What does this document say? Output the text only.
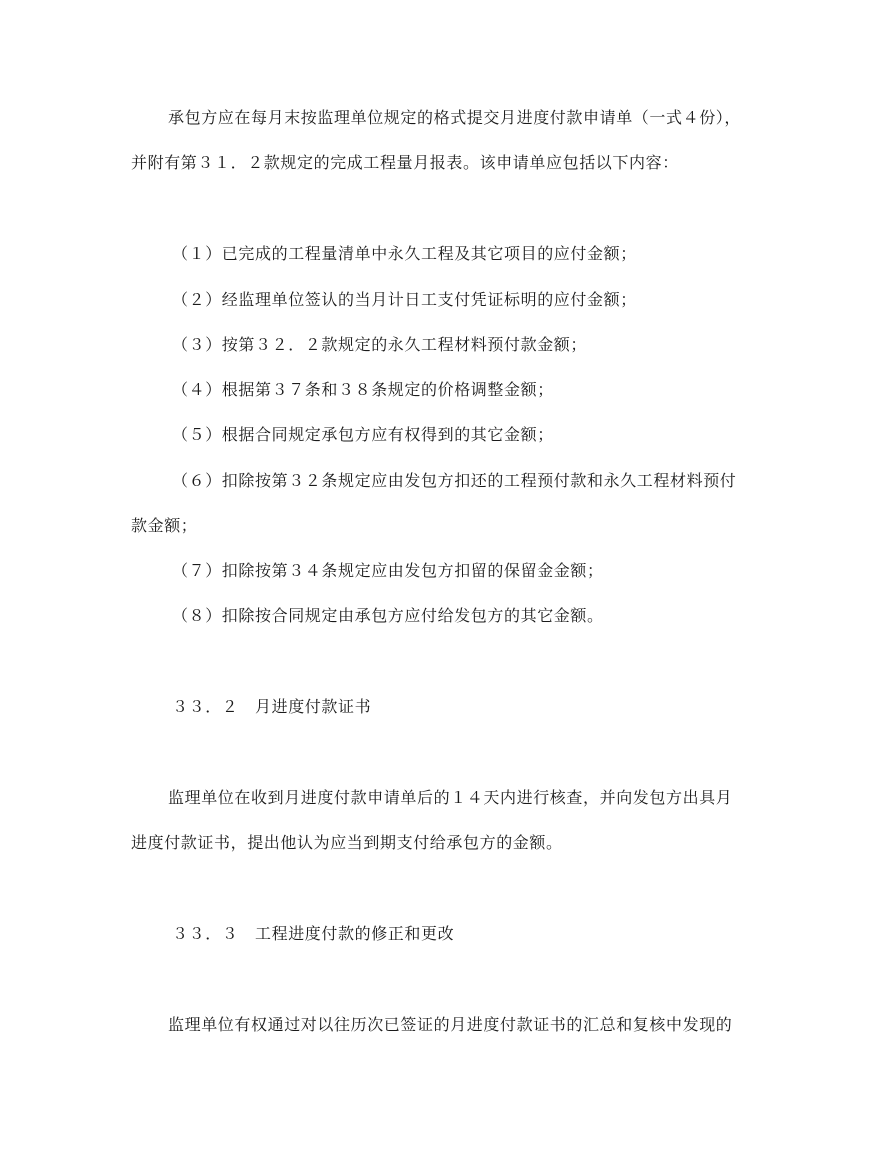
承包方应在每月末按监理单位规定的格式提交月进度付款申请单（一式４份），
并附有第３１．２款规定的完成工程量月报表。该申请单应包括以下内容：
（１）已完成的工程量清单中永久工程及其它项目的应付金额；
（２）经监理单位签认的当月计日工支付凭证标明的应付金额；
（３）按第３２．２款规定的永久工程材料预付款金额；
（４）根据第３７条和３８条规定的价格调整金额；
（５）根据合同规定承包方应有权得到的其它金额；
（６）扣除按第３２条规定应由发包方扣还的工程预付款和永久工程材料预付
款金额；
（７）扣除按第３４条规定应由发包方扣留的保留金金额；
（８）扣除按合同规定由承包方应付给发包方的其它金额。
３３．２　月进度付款证书
监理单位在收到月进度付款申请单后的１４天内进行核查，并向发包方出具月
进度付款证书，提出他认为应当到期支付给承包方的金额。
３３．３　工程进度付款的修正和更改
监理单位有权通过对以往历次已签证的月进度付款证书的汇总和复核中发现的
